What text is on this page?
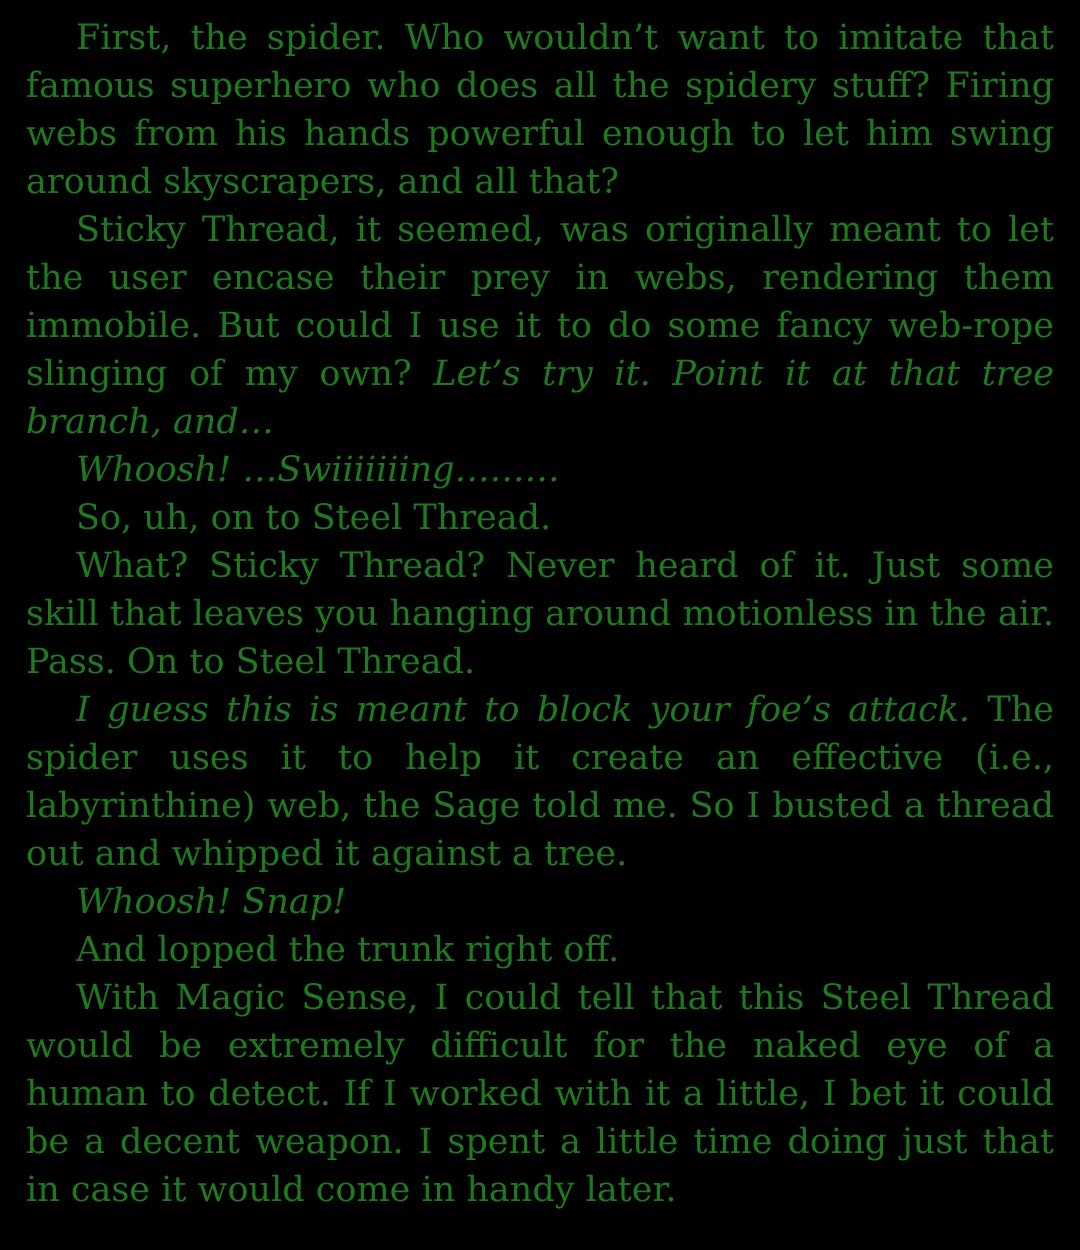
First, the spider. Who wouldn’t want to imitate that famous superhero who does all the spidery stuff? Firing webs from his hands powerful enough to let him swing around skyscrapers, and all that?

Sticky Thread, it seemed, was originally meant to let the user encase their prey in webs, rendering them immobile. But could I use it to do some fancy web-rope slinging of my own? Let’s try it. Point it at that tree branch, and…

Whoosh! …Swiiiiiiing………

So, uh, on to Steel Thread.

What? Sticky Thread? Never heard of it. Just some skill that leaves you hanging around motionless in the air. Pass. On to Steel Thread.

I guess this is meant to block your foe’s attack. The spider uses it to help it create an effective (i.e., labyrinthine) web, the Sage told me. So I busted a thread out and whipped it against a tree.

Whoosh! Snap!

And lopped the trunk right off.

With Magic Sense, I could tell that this Steel Thread would be extremely difficult for the naked eye of a human to detect. If I worked with it a little, I bet it could be a decent weapon. I spent a little time doing just that in case it would come in handy later.
